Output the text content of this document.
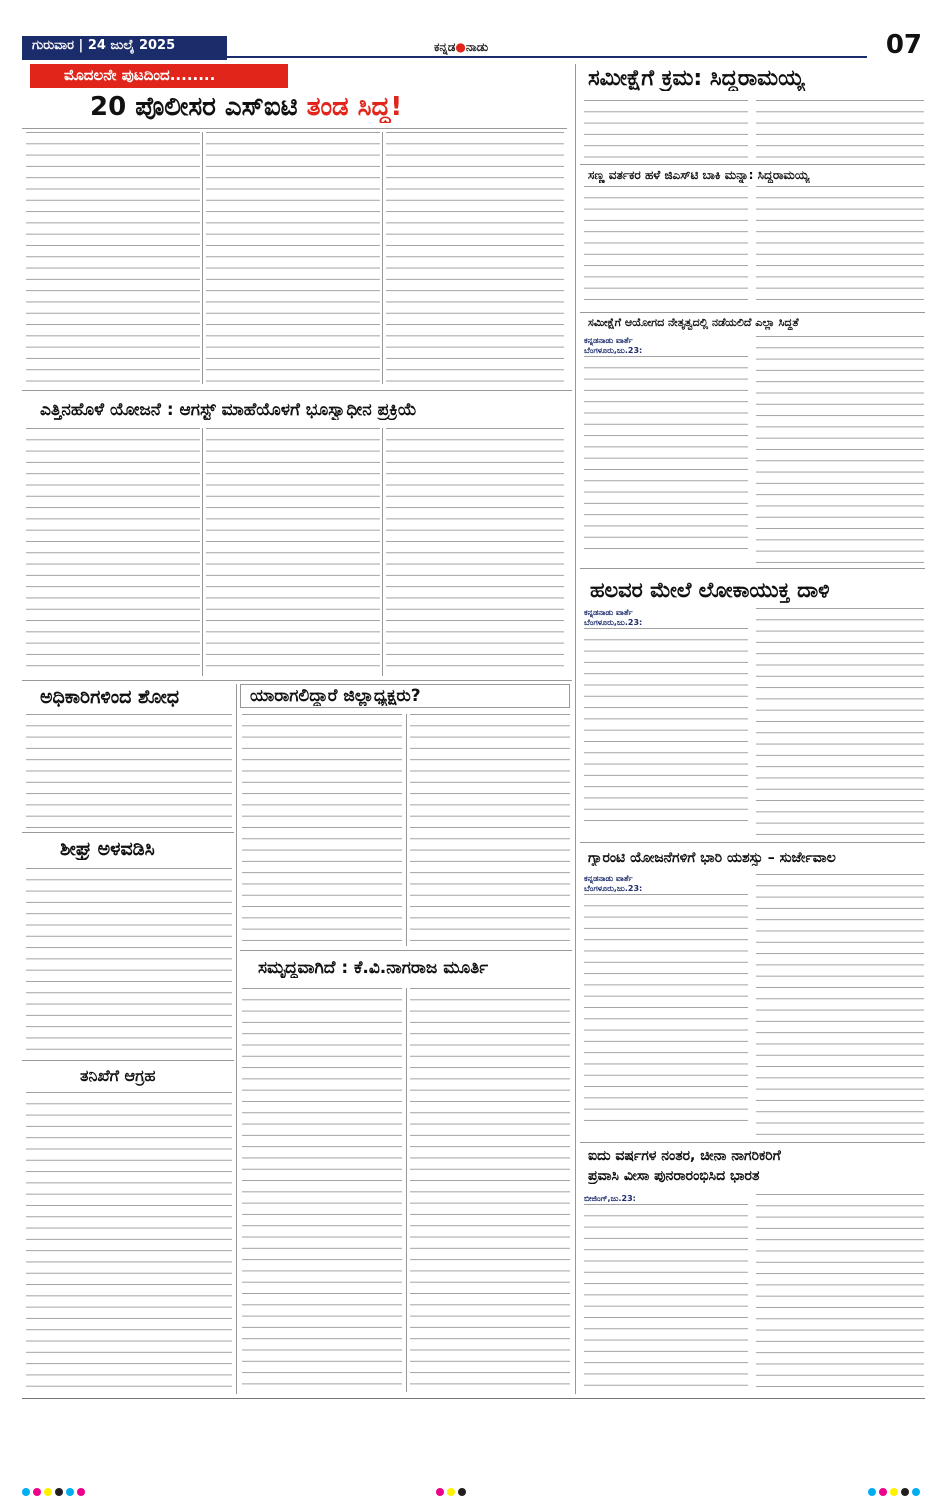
ಗುರುವಾರ | 24 ಜುಲೈ 2025	ಕನ್ನಡ●ನಾಡು	07
ಮೊದಲನೇ ಪುಟದಿಂದ........
20 ಪೊಲೀಸರ ಎಸ್‌ಐಟಿ ತಂಡ ಸಿದ್ಧ!
ಸಮೀಕ್ಷೆಗೆ ಕ್ರಮ: ಸಿದ್ದರಾಮಯ್ಯ
ಸಣ್ಣ ವರ್ತಕರ ಹಳೆ ಜಿಎಸ್‌ಟಿ ಬಾಕಿ ಮನ್ನಾ: ಸಿದ್ದರಾಮಯ್ಯ
ಸಮೀಕ್ಷೆಗೆ ಆಯೋಗದ ನೇತೃತ್ವದಲ್ಲಿ ನಡೆಯಲಿದೆ ಎಲ್ಲಾ ಸಿದ್ಧತೆ
ಕನ್ನಡನಾಡು ವಾರ್ತೆ
ಬೆಂಗಳೂರು,ಜು.23:
ಎತ್ತಿನಹೊಳೆ ಯೋಜನೆ : ಆಗಸ್ಟ್ ಮಾಹೆಯೊಳಗೆ ಭೂಸ್ವಾಧೀನ ಪ್ರಕ್ರಿಯೆ
ಹಲವರ ಮೇಲೆ ಲೋಕಾಯುಕ್ತ ದಾಳಿ
ಕನ್ನಡನಾಡು ವಾರ್ತೆ
ಬೆಂಗಳೂರು,ಜು.23:
ಅಧಿಕಾರಿಗಳಿಂದ ಶೋಧ	ಯಾರಾಗಲಿದ್ದಾರೆ ಜಿಲ್ಲಾಧ್ಯಕ್ಷರು?
ಶೀಘ್ರ ಅಳವಡಿಸಿ	ಗ್ಯಾರಂಟಿ ಯೋಜನೆಗಳಿಗೆ ಭಾರಿ ಯಶಸ್ಸು – ಸುರ್ಜೇವಾಲ
ಕನ್ನಡನಾಡು ವಾರ್ತೆ
ಬೆಂಗಳೂರು,ಜು.23:
ಸಮೃದ್ಧವಾಗಿದೆ : ಕೆ.ವಿ.ನಾಗರಾಜ ಮೂರ್ತಿ
ತನಿಖೆಗೆ ಆಗ್ರಹ
ಐದು ವರ್ಷಗಳ ನಂತರ, ಚೀನಾ ನಾಗರಿಕರಿಗೆ
ಪ್ರವಾಸಿ ವೀಸಾ ಪುನರಾರಂಭಿಸಿದ ಭಾರತ
ಬೀಜಿಂಗ್,ಜು.23:
